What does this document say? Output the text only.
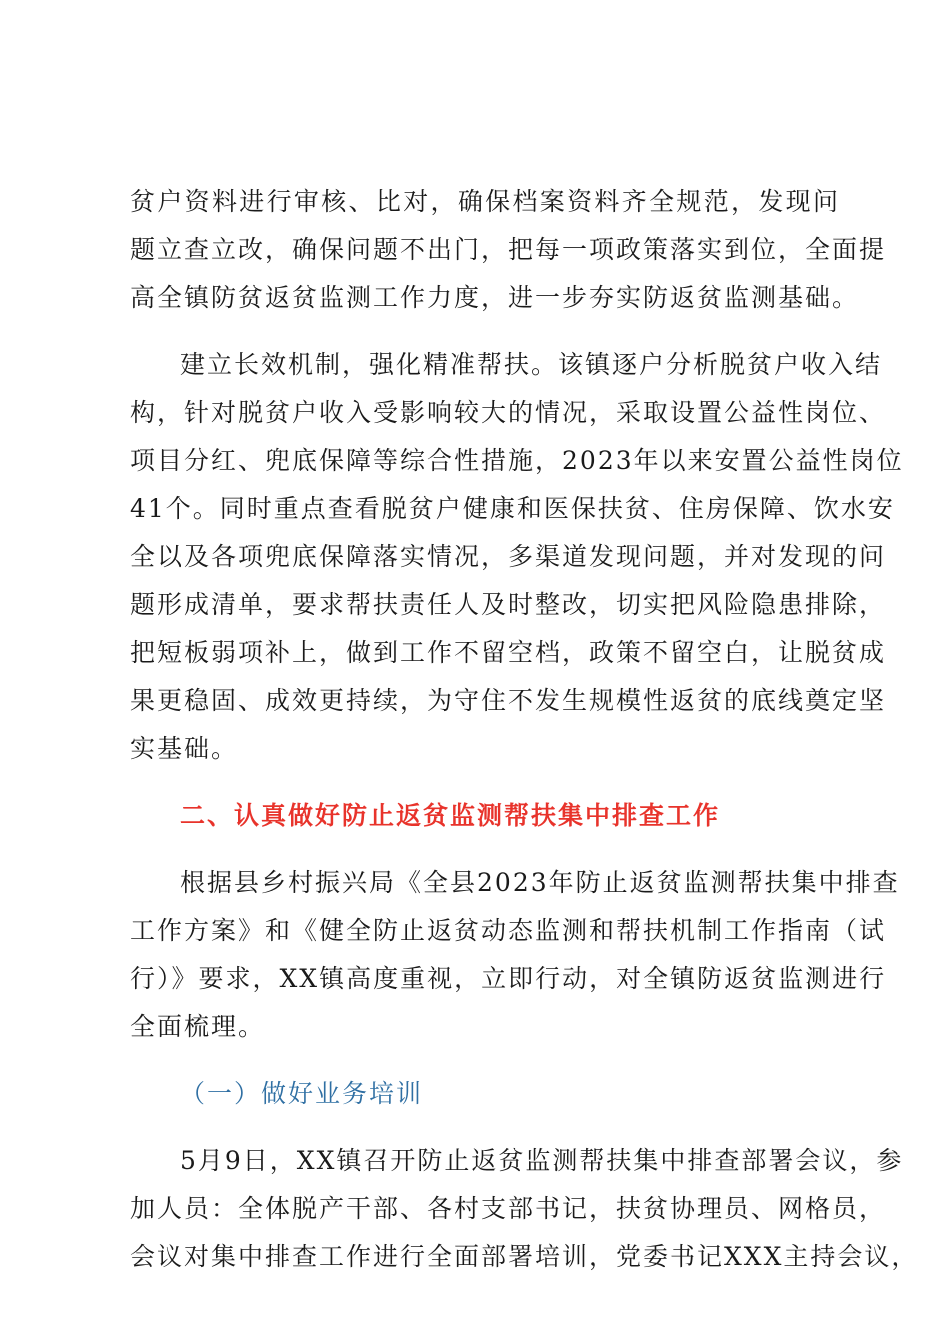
贫户资料进行审核、比对，确保档案资料齐全规范，发现问
题立查立改，确保问题不出门，把每一项政策落实到位，全面提
高全镇防贫返贫监测工作力度，进一步夯实防返贫监测基础。
建立长效机制，强化精准帮扶。该镇逐户分析脱贫户收入结
构，针对脱贫户收入受影响较大的情况，采取设置公益性岗位、
项目分红、兜底保障等综合性措施，2023年以来安置公益性岗位
41个。同时重点查看脱贫户健康和医保扶贫、住房保障、饮水安
全以及各项兜底保障落实情况，多渠道发现问题，并对发现的问
题形成清单，要求帮扶责任人及时整改，切实把风险隐患排除，
把短板弱项补上，做到工作不留空档，政策不留空白，让脱贫成
果更稳固、成效更持续，为守住不发生规模性返贫的底线奠定坚
实基础。
二、认真做好防止返贫监测帮扶集中排查工作
根据县乡村振兴局《全县2023年防止返贫监测帮扶集中排查
工作方案》和《健全防止返贫动态监测和帮扶机制工作指南（试
行）》要求，XX镇高度重视，立即行动，对全镇防返贫监测进行
全面梳理。
（一）做好业务培训
5月9日，XX镇召开防止返贫监测帮扶集中排查部署会议，参
加人员：全体脱产干部、各村支部书记，扶贫协理员、网格员，
会议对集中排查工作进行全面部署培训，党委书记XXX主持会议，
